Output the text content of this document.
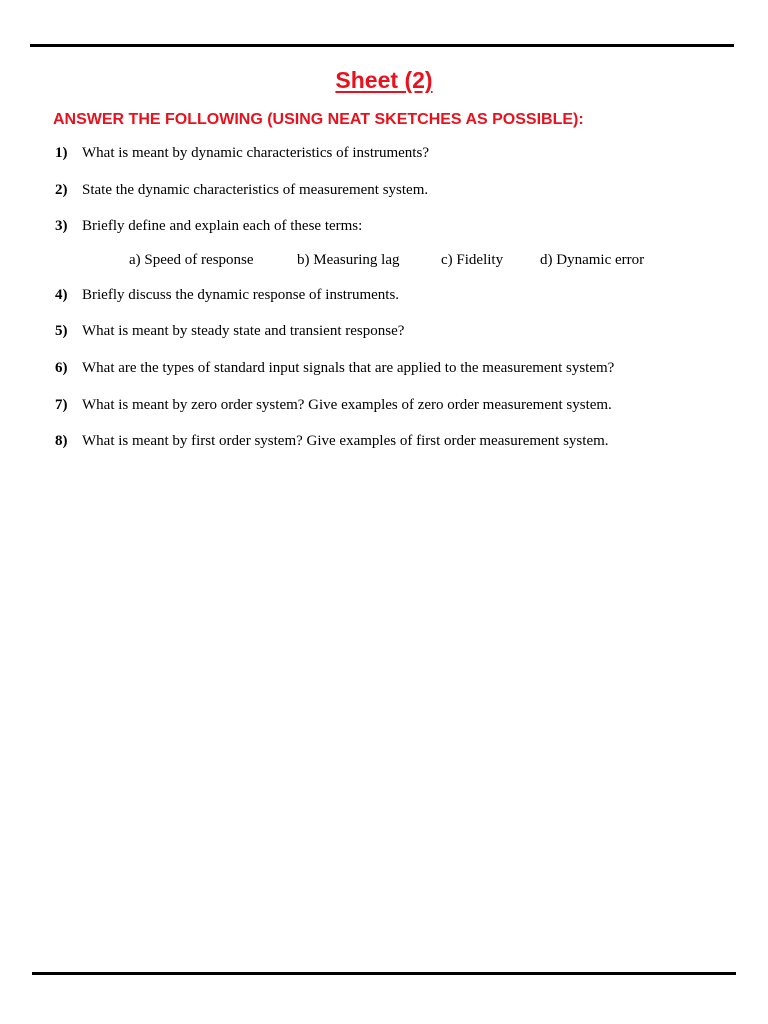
Sheet (2)
ANSWER THE FOLLOWING (USING NEAT SKETCHES AS POSSIBLE):
1) What is meant by dynamic characteristics of instruments?
2) State the dynamic characteristics of measurement system.
3) Briefly define and explain each of these terms:
a) Speed of response	b) Measuring lag	c) Fidelity d) Dynamic error
4) Briefly discuss the dynamic response of instruments.
5) What is meant by steady state and transient response?
6) What are the types of standard input signals that are applied to the measurement system?
7) What is meant by zero order system? Give examples of zero order measurement system.
8) What is meant by first order system? Give examples of first order measurement system.
